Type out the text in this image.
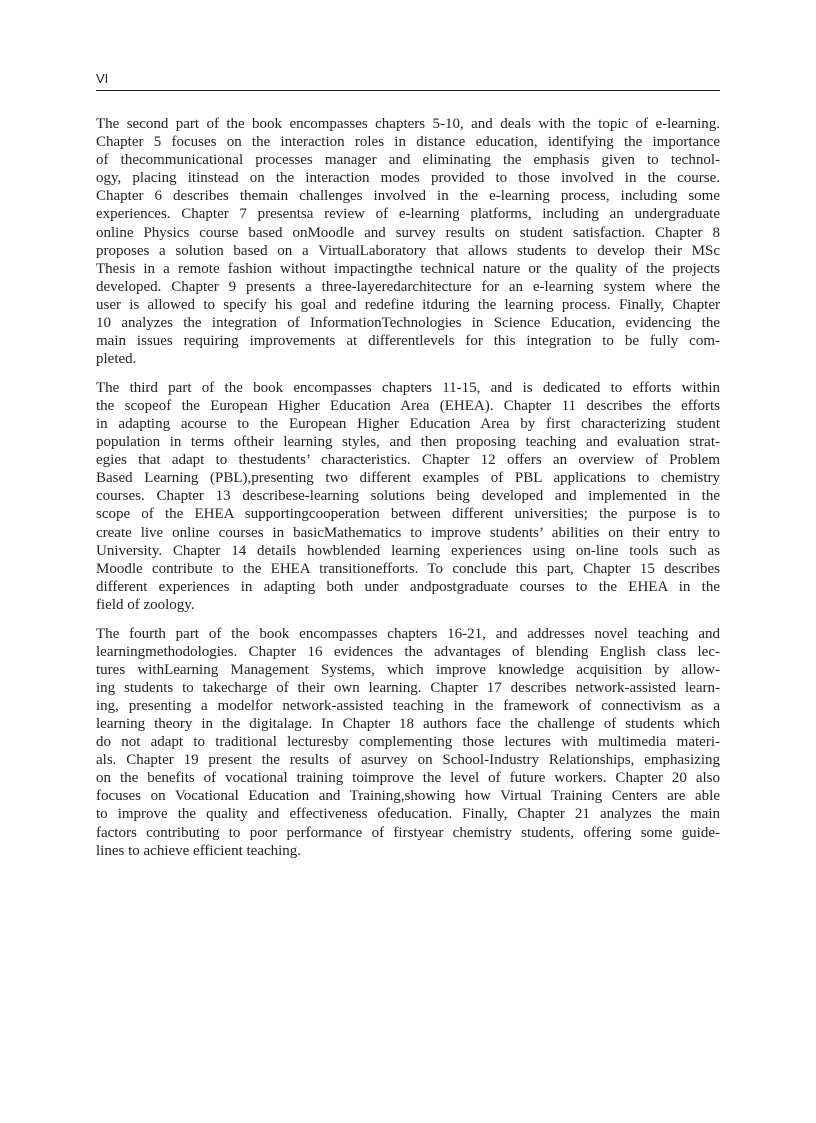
VI
The second part of the book encompasses chapters 5-10, and deals with the topic of e-learning.
Chapter 5 focuses on the interaction roles in distance education, identifying the importance
of thecommunicational processes manager and eliminating the emphasis given to technol-
ogy, placing itinstead on the interaction modes provided to those involved in the course.
Chapter 6 describes themain challenges involved in the e-learning process, including some
experiences. Chapter 7 presentsa review of e-learning platforms, including an undergraduate
online Physics course based onMoodle and survey results on student satisfaction. Chapter 8
proposes a solution based on a VirtualLaboratory that allows students to develop their MSc
Thesis in a remote fashion without impactingthe technical nature or the quality of the projects
developed. Chapter 9 presents a three-layeredarchitecture for an e-learning system where the
user is allowed to specify his goal and redefine itduring the learning process. Finally, Chapter
10 analyzes the integration of InformationTechnologies in Science Education, evidencing the
main issues requiring improvements at differentlevels for this integration to be fully com-
pleted.
The third part of the book encompasses chapters 11-15, and is dedicated to efforts within
the scopeof the European Higher Education Area (EHEA). Chapter 11 describes the efforts
in adapting acourse to the European Higher Education Area by first characterizing student
population in terms oftheir learning styles, and then proposing teaching and evaluation strat-
egies that adapt to thestudents’ characteristics. Chapter 12 offers an overview of Problem
Based Learning (PBL),presenting two different examples of PBL applications to chemistry
courses. Chapter 13 describese-learning solutions being developed and implemented in the
scope of the EHEA supportingcooperation between different universities; the purpose is to
create live online courses in basicMathematics to improve students’ abilities on their entry to
University. Chapter 14 details howblended learning experiences using on-line tools such as
Moodle contribute to the EHEA transitionefforts. To conclude this part, Chapter 15 describes
different experiences in adapting both under andpostgraduate courses to the EHEA in the
field of zoology.
The fourth part of the book encompasses chapters 16-21, and addresses novel teaching and
learningmethodologies. Chapter 16 evidences the advantages of blending English class lec-
tures withLearning Management Systems, which improve knowledge acquisition by allow-
ing students to takecharge of their own learning. Chapter 17 describes network-assisted learn-
ing, presenting a modelfor network-assisted teaching in the framework of connectivism as a
learning theory in the digitalage. In Chapter 18 authors face the challenge of students which
do not adapt to traditional lecturesby complementing those lectures with multimedia materi-
als. Chapter 19 present the results of asurvey on School-Industry Relationships, emphasizing
on the benefits of vocational training toimprove the level of future workers. Chapter 20 also
focuses on Vocational Education and Training,showing how Virtual Training Centers are able
to improve the quality and effectiveness ofeducation. Finally, Chapter 21 analyzes the main
factors contributing to poor performance of firstyear chemistry students, offering some guide-
lines to achieve efficient teaching.
